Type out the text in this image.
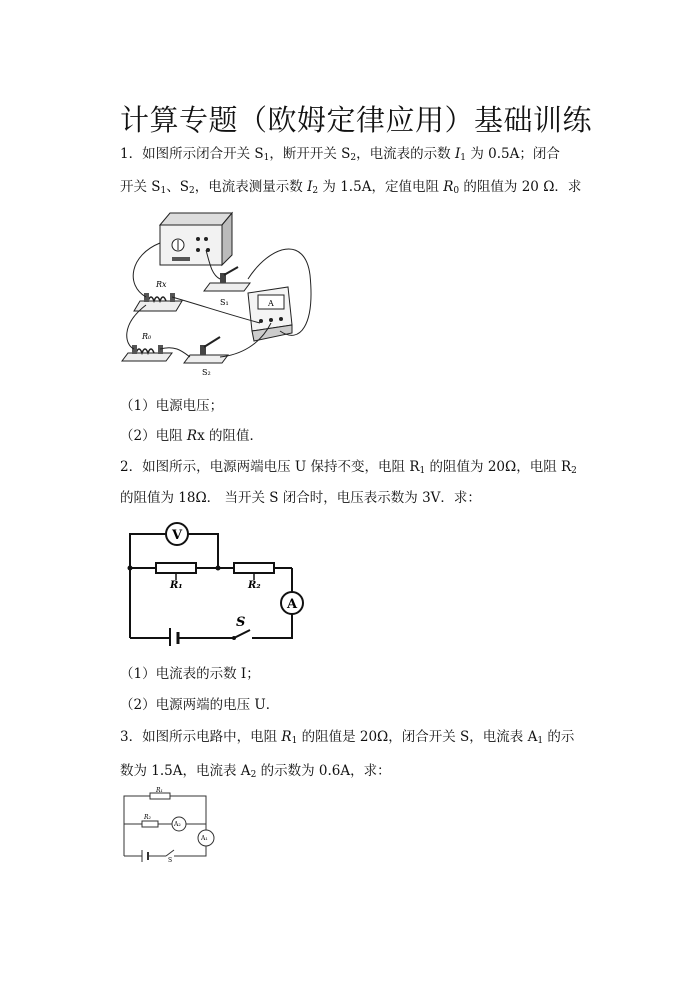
计算专题（欧姆定律应用）基础训练
1．如图所示闭合开关 $S_1$，断开开关 $S_2$，电流表的示数 $I_1$ 为 0.5A；闭合
开关 $S_1$、$S_2$，电流表测量示数 $I_2$ 为 1.5A，定值电阻 $R_0$ 的阻值为 20 Ω．求
S₁	A
Rx
R₀
S₂
（1）电源电压；
（2）电阻 Rx 的阻值．
2．如图所示，电源两端电压 U 保持不变，电阻 $R_1$ 的阻值为 20Ω，电阻 $R_2$
的阻值为 18Ω． 当开关 S 闭合时，电压表示数为 3V．求：
V
R₁	R₂
A
S
（1）电流表的示数 I；
（2）电源两端的电压 U．
3．如图所示电路中，电阻 $R_1$ 的阻值是 20Ω，闭合开关 S，电流表 $A_1$ 的示
数为 1.5A，电流表 $A_2$ 的示数为 0.6A，求：
R₁
R₂
A₂
A₁
S
